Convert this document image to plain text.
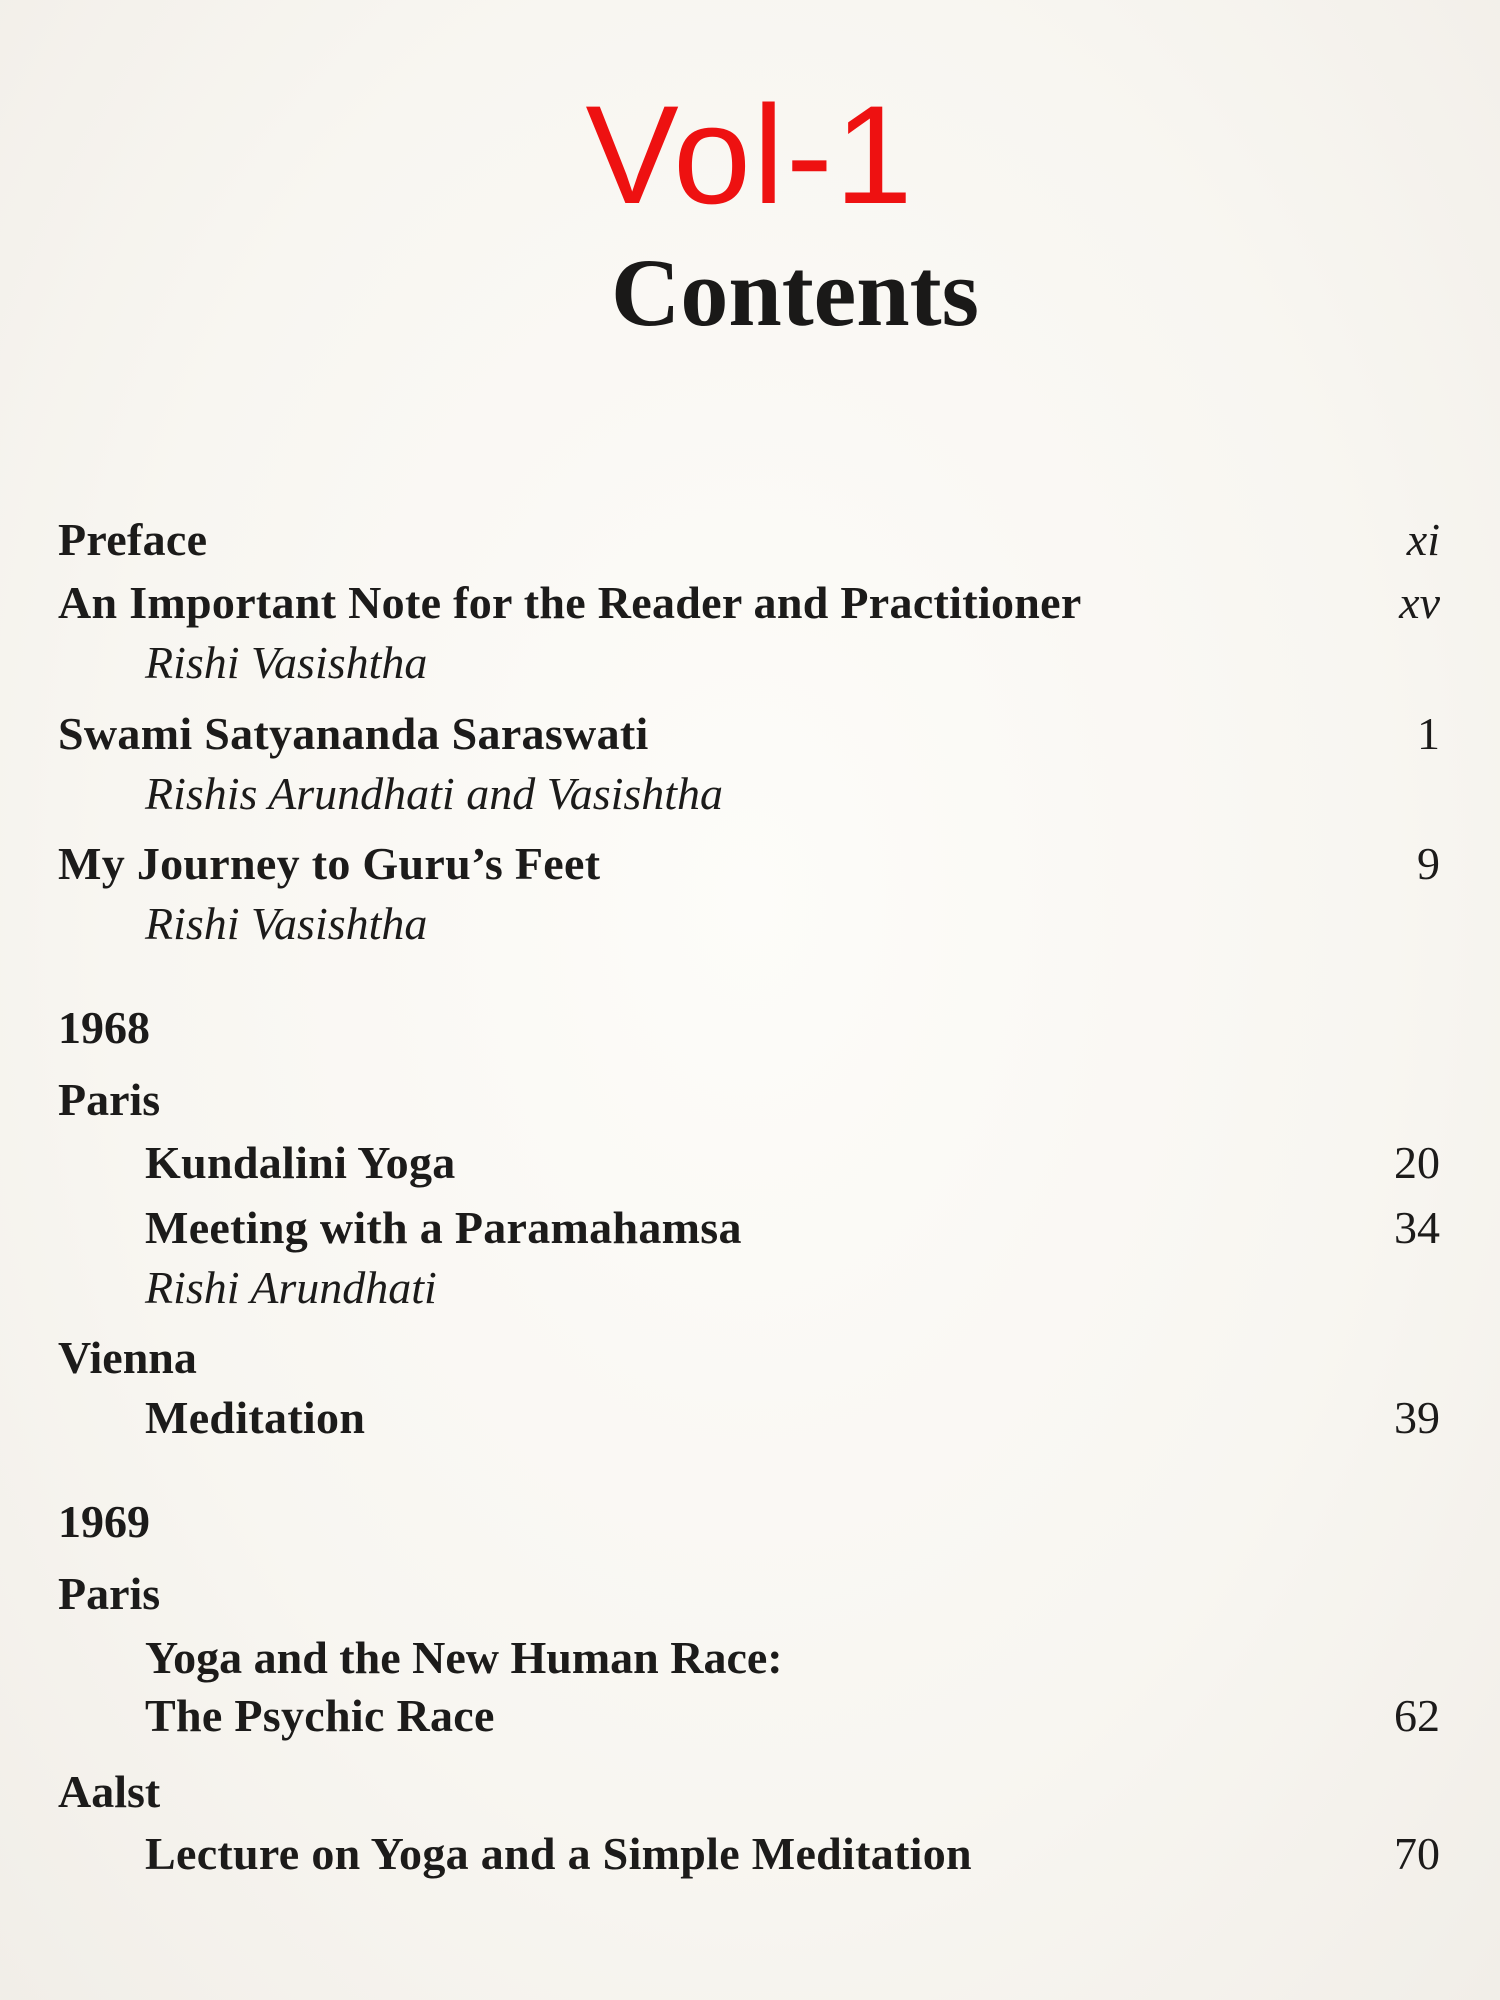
Vol-1
Contents
Preface	xi
An Important Note for the Reader and Practitioner	xv
Rishi Vasishtha
Swami Satyananda Saraswati	1
Rishis Arundhati and Vasishtha
My Journey to Guru’s Feet	9
Rishi Vasishtha
1968
Paris
Kundalini Yoga	20
Meeting with a Paramahamsa	34
Rishi Arundhati
Vienna
Meditation	39
1969
Paris
Yoga and the New Human Race:
The Psychic Race	62
Aalst
Lecture on Yoga and a Simple Meditation	70
